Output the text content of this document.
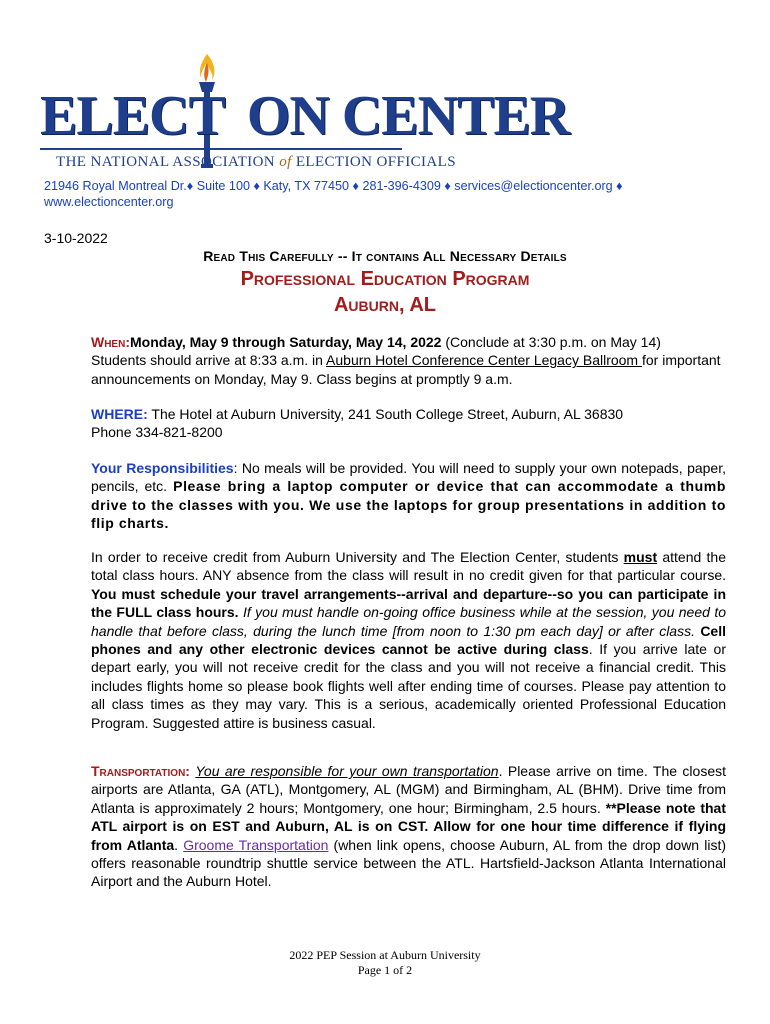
ELECT ON CENTER
THE NATIONAL ASSOCIATION of ELECTION OFFICIALS
21946 Royal Montreal Dr.♦ Suite 100 ♦ Katy, TX 77450 ♦ 281-396-4309 ♦ services@electioncenter.org ♦
www.electioncenter.org
3-10-2022
Read This Carefully -- It contains All Necessary Details
Professional Education Program
Auburn, AL
When:Monday, May 9 through Saturday, May 14, 2022 (Conclude at 3:30 p.m. on May 14)
Students should arrive at 8:33 a.m. in Auburn Hotel Conference Center Legacy Ballroom for important announcements on Monday, May 9. Class begins at promptly 9 a.m.
WHERE: The Hotel at Auburn University, 241 South College Street, Auburn, AL 36830
Phone 334-821-8200
Your Responsibilities: No meals will be provided. You will need to supply your own notepads, paper, pencils, etc. Please bring a laptop computer or device that can accommodate a thumb drive to the classes with you. We use the laptops for group presentations in addition to flip charts.
In order to receive credit from Auburn University and The Election Center, students must attend the total class hours. ANY absence from the class will result in no credit given for that particular course. You must schedule your travel arrangements--arrival and departure--so you can participate in the FULL class hours. If you must handle on-going office business while at the session, you need to handle that before class, during the lunch time [from noon to 1:30 pm each day] or after class. Cell phones and any other electronic devices cannot be active during class. If you arrive late or depart early, you will not receive credit for the class and you will not receive a financial credit. This includes flights home so please book flights well after ending time of courses. Please pay attention to all class times as they may vary. This is a serious, academically oriented Professional Education Program. Suggested attire is business casual.
Transportation: You are responsible for your own transportation. Please arrive on time. The closest airports are Atlanta, GA (ATL), Montgomery, AL (MGM) and Birmingham, AL (BHM). Drive time from Atlanta is approximately 2 hours; Montgomery, one hour; Birmingham, 2.5 hours. **Please note that ATL airport is on EST and Auburn, AL is on CST. Allow for one hour time difference if flying from Atlanta. Groome Transportation (when link opens, choose Auburn, AL from the drop down list) offers reasonable roundtrip shuttle service between the ATL. Hartsfield-Jackson Atlanta International Airport and the Auburn Hotel.
2022 PEP Session at Auburn University
Page 1 of 2
